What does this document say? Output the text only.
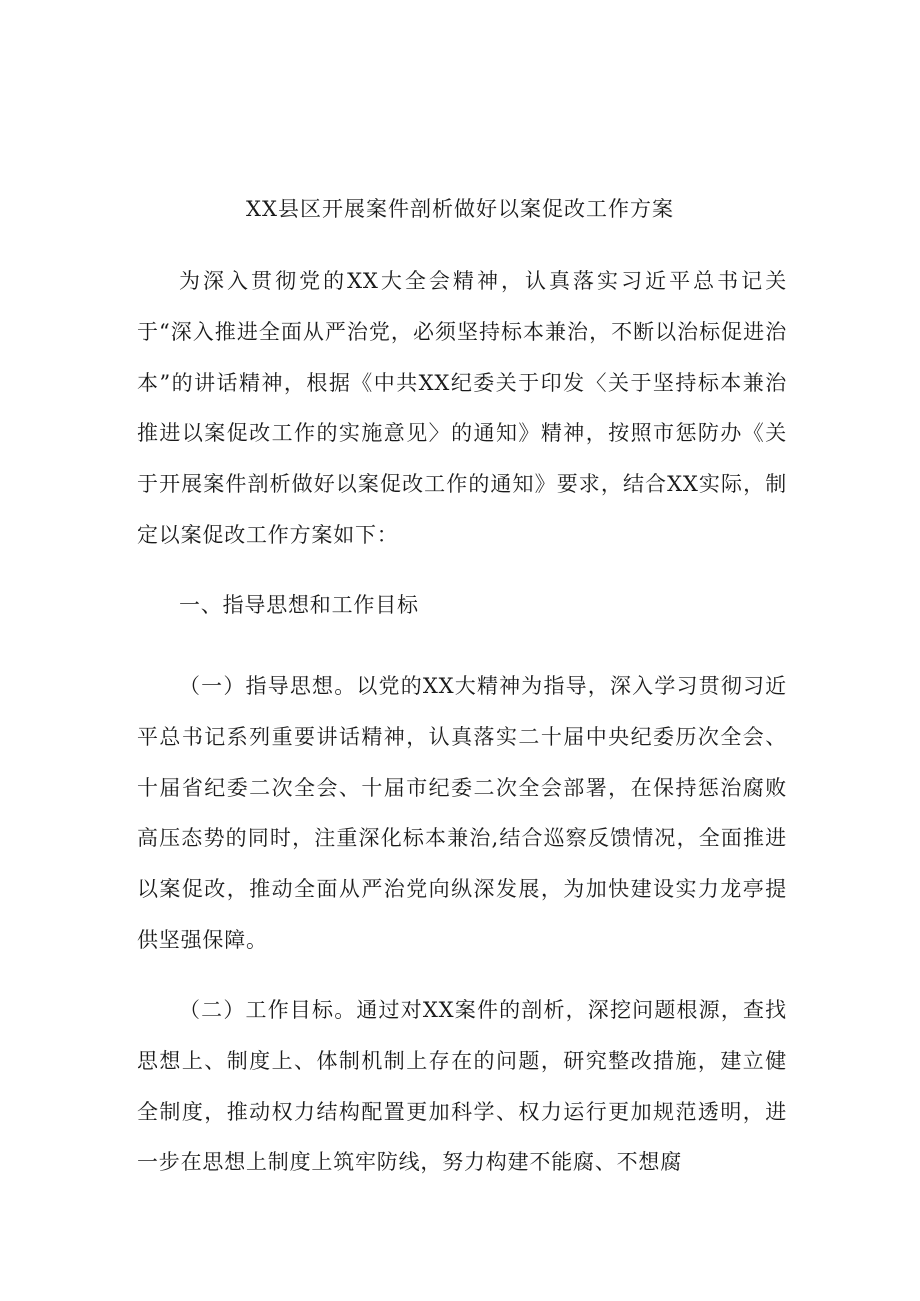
XX县区开展案件剖析做好以案促改工作方案

为深入贯彻党的XX大全会精神，认真落实习近平总书记关于“深入推进全面从严治党，必须坚持标本兼治，不断以治标促进治本”的讲话精神，根据《中共XX纪委关于印发〈关于坚持标本兼治推进以案促改工作的实施意见〉的通知》精神，按照市惩防办《关于开展案件剖析做好以案促改工作的通知》要求，结合XX实际，制定以案促改工作方案如下：

一、指导思想和工作目标

（一）指导思想。以党的XX大精神为指导，深入学习贯彻习近平总书记系列重要讲话精神，认真落实二十届中央纪委历次全会、十届省纪委二次全会、十届市纪委二次全会部署，在保持惩治腐败高压态势的同时，注重深化标本兼治,结合巡察反馈情况，全面推进以案促改，推动全面从严治党向纵深发展，为加快建设实力龙亭提供坚强保障。

（二）工作目标。通过对XX案件的剖析，深挖问题根源，查找思想上、制度上、体制机制上存在的问题，研究整改措施，建立健全制度，推动权力结构配置更加科学、权力运行更加规范透明，进一步在思想上制度上筑牢防线，努力构建不能腐、不想腐
